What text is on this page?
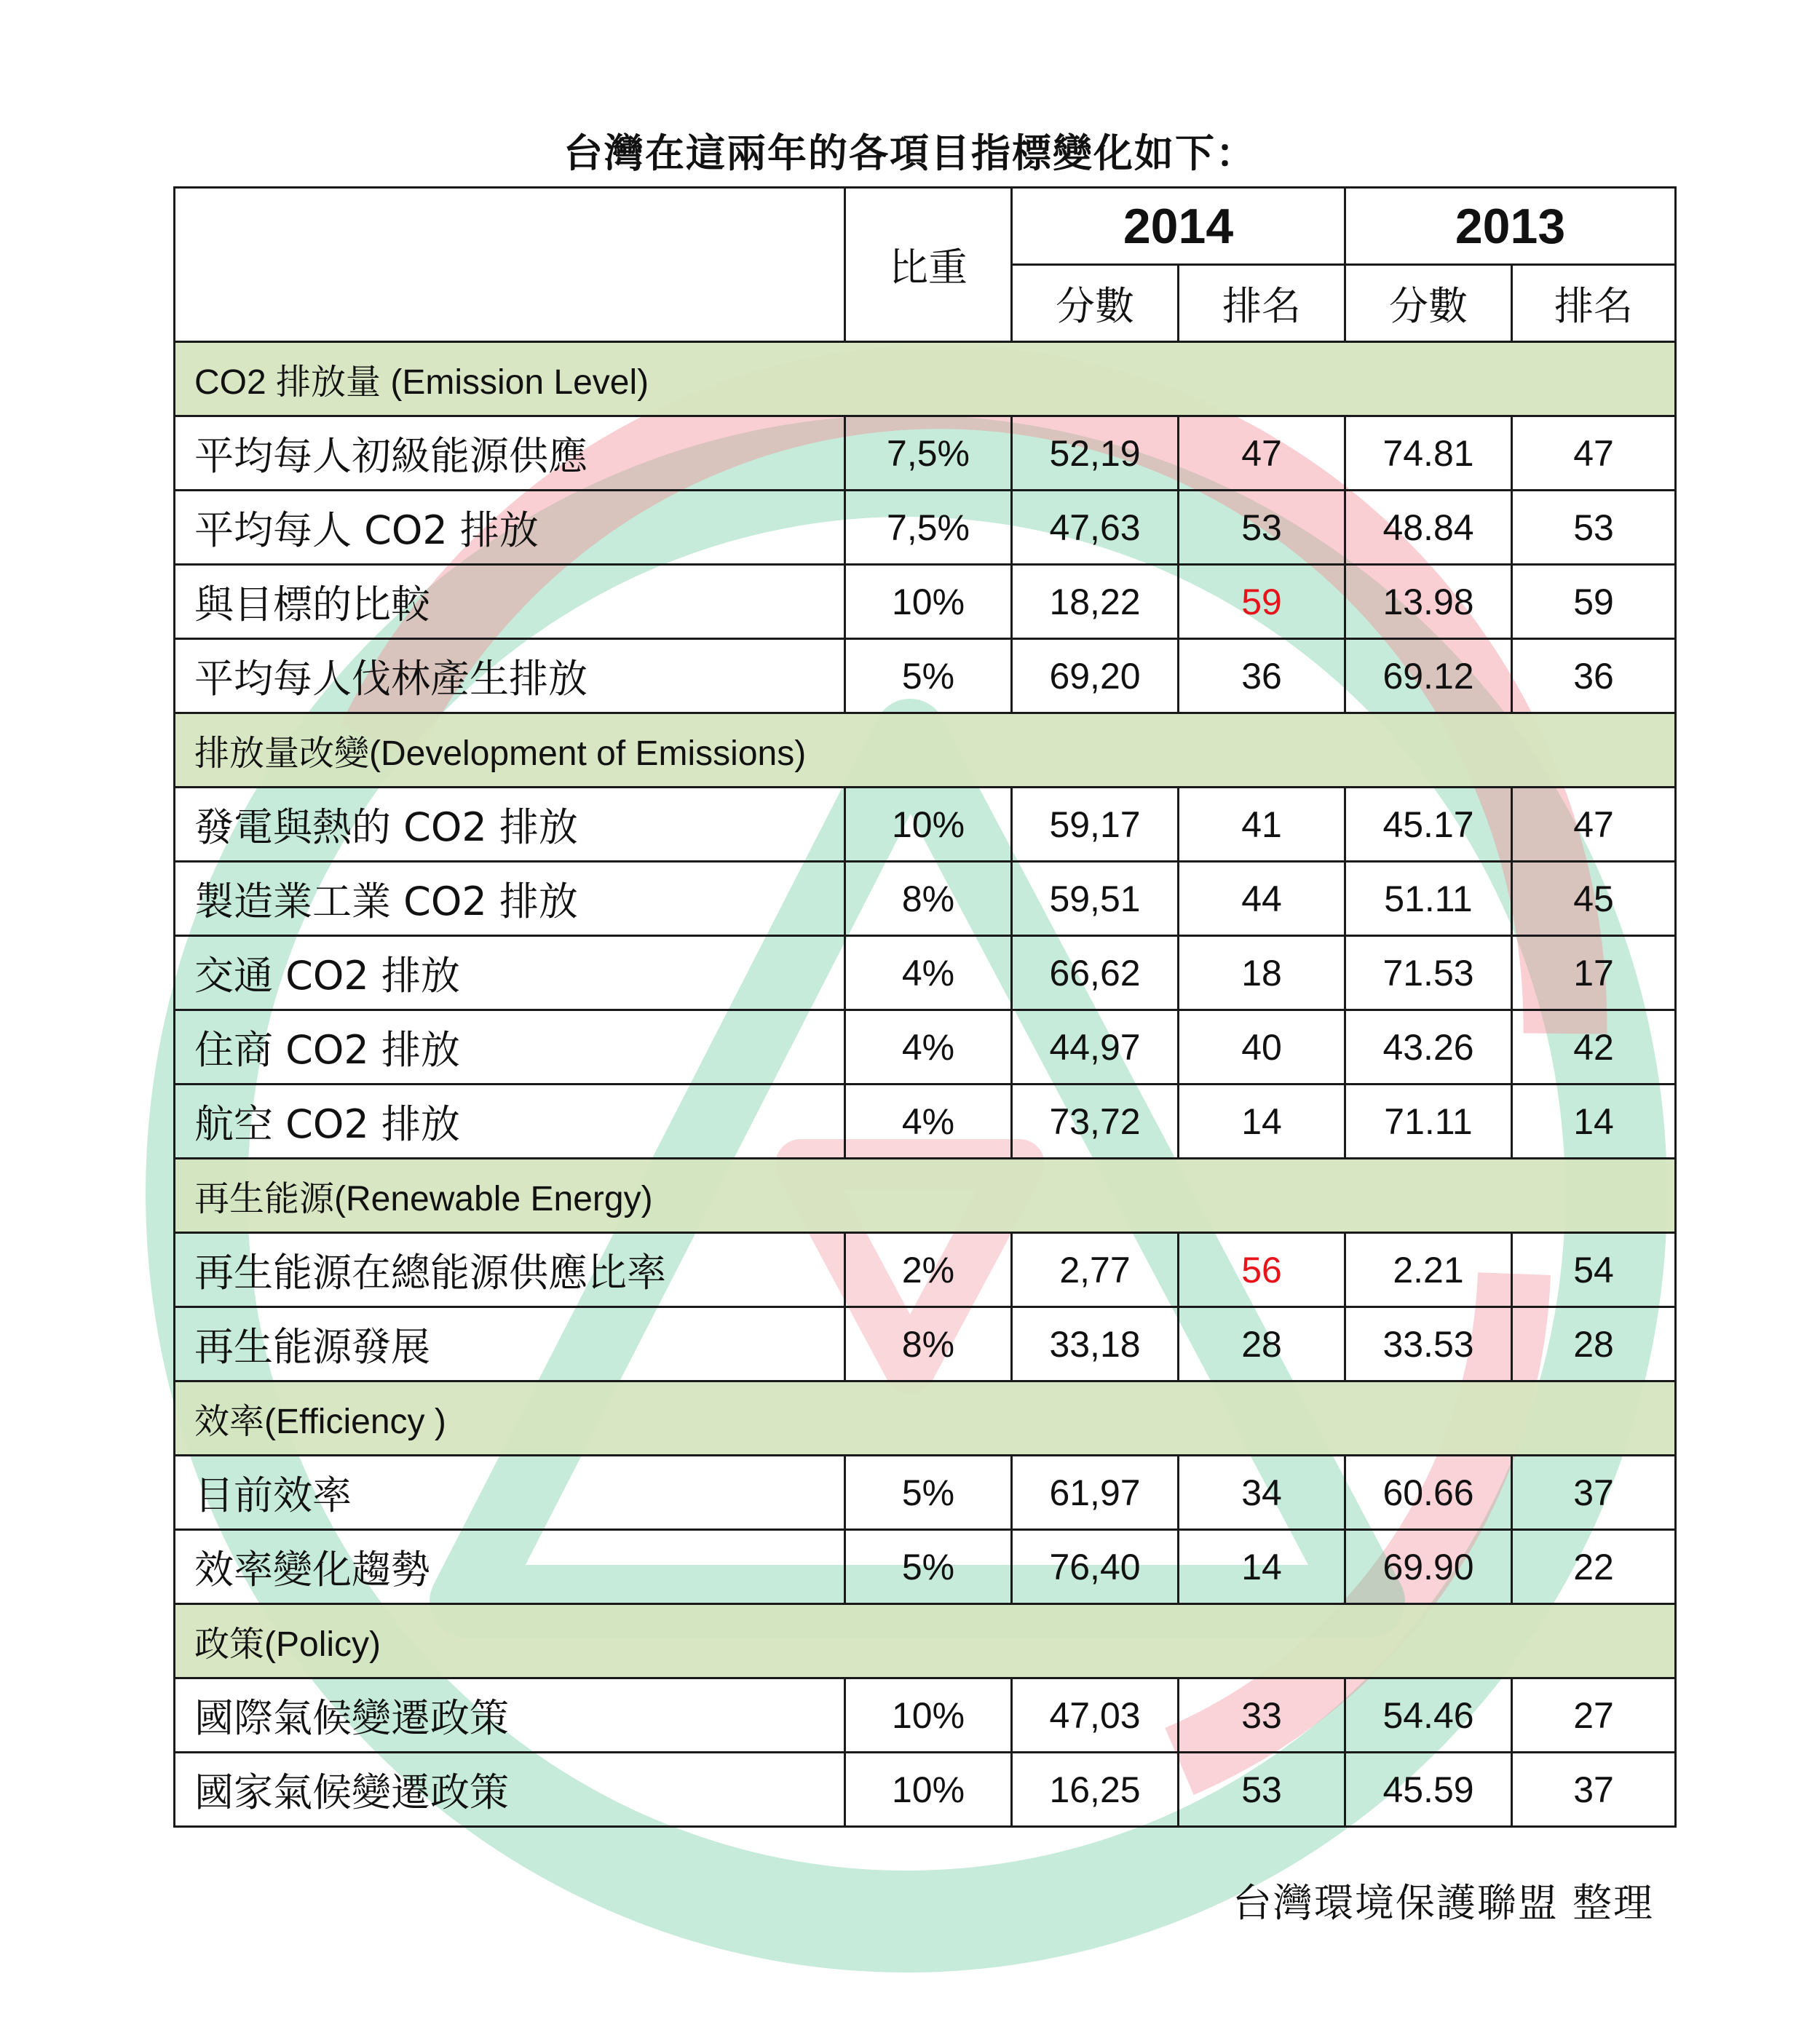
台灣在這兩年的各項目指標變化如下：
	比重	2014		2013	
		分數	排名	分數	排名
CO2 排放量 (Emission Level)					
平均每人初級能源供應	7,5%	52,19	47	74.81	47
平均每人 CO2 排放	7,5%	47,63	53	48.84	53
與目標的比較	10%	18,22	59	13.98	59
平均每人伐林產生排放	5%	69,20	36	69.12	36
排放量改變(Development of Emissions)					
發電與熱的 CO2 排放	10%	59,17	41	45.17	47
製造業工業 CO2 排放	8%	59,51	44	51.11	45
交通 CO2 排放	4%	66,62	18	71.53	17
住商 CO2 排放	4%	44,97	40	43.26	42
航空 CO2 排放	4%	73,72	14	71.11	14
再生能源(Renewable Energy)					
再生能源在總能源供應比率	2%	2,77	56	2.21	54
再生能源發展	8%	33,18	28	33.53	28
效率(Efficiency )					
目前效率	5%	61,97	34	60.66	37
效率變化趨勢	5%	76,40	14	69.90	22
政策(Policy)					
國際氣候變遷政策	10%	47,03	33	54.46	27
國家氣候變遷政策	10%	16,25	53	45.59	37
台灣環境保護聯盟 整理
